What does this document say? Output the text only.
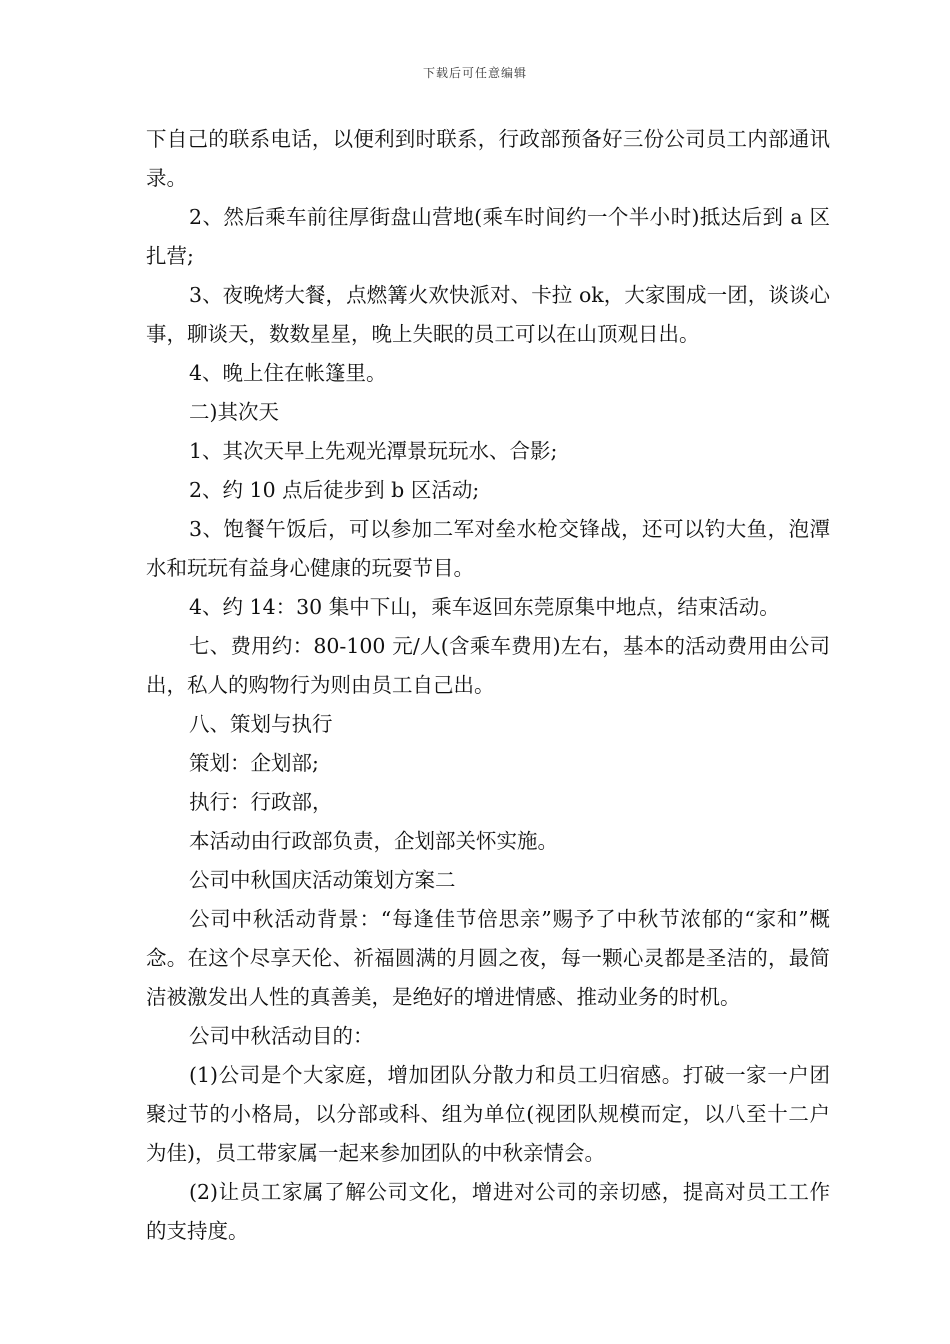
下载后可任意编辑

下自己的联系电话，以便利到时联系，行政部预备好三份公司员工内部通讯录。

2、然后乘车前往厚街盘山营地(乘车时间约一个半小时)抵达后到 a 区扎营;

3、夜晚烤大餐，点燃篝火欢快派对、卡拉 ok，大家围成一团，谈谈心事，聊谈天，数数星星，晚上失眠的员工可以在山顶观日出。

4、晚上住在帐篷里。

二)其次天

1、其次天早上先观光潭景玩玩水、合影;

2、约 10 点后徒步到 b 区活动;

3、饱餐午饭后，可以参加二军对垒水枪交锋战，还可以钓大鱼，泡潭水和玩玩有益身心健康的玩耍节目。

4、约 14：30 集中下山，乘车返回东莞原集中地点，结束活动。

七、费用约：80-100 元/人(含乘车费用)左右，基本的活动费用由公司出，私人的购物行为则由员工自己出。

八、策划与执行

策划：企划部;

执行：行政部，

本活动由行政部负责，企划部关怀实施。

公司中秋国庆活动策划方案二

公司中秋活动背景：“每逢佳节倍思亲”赐予了中秋节浓郁的“家和”概念。在这个尽享天伦、祈福圆满的月圆之夜，每一颗心灵都是圣洁的，最简洁被激发出人性的真善美，是绝好的增进情感、推动业务的时机。

公司中秋活动目的：

(1)公司是个大家庭，增加团队分散力和员工归宿感。打破一家一户团聚过节的小格局，以分部或科、组为单位(视团队规模而定，以八至十二户为佳)，员工带家属一起来参加团队的中秋亲情会。

(2)让员工家属了解公司文化，增进对公司的亲切感，提高对员工工作的支持度。
